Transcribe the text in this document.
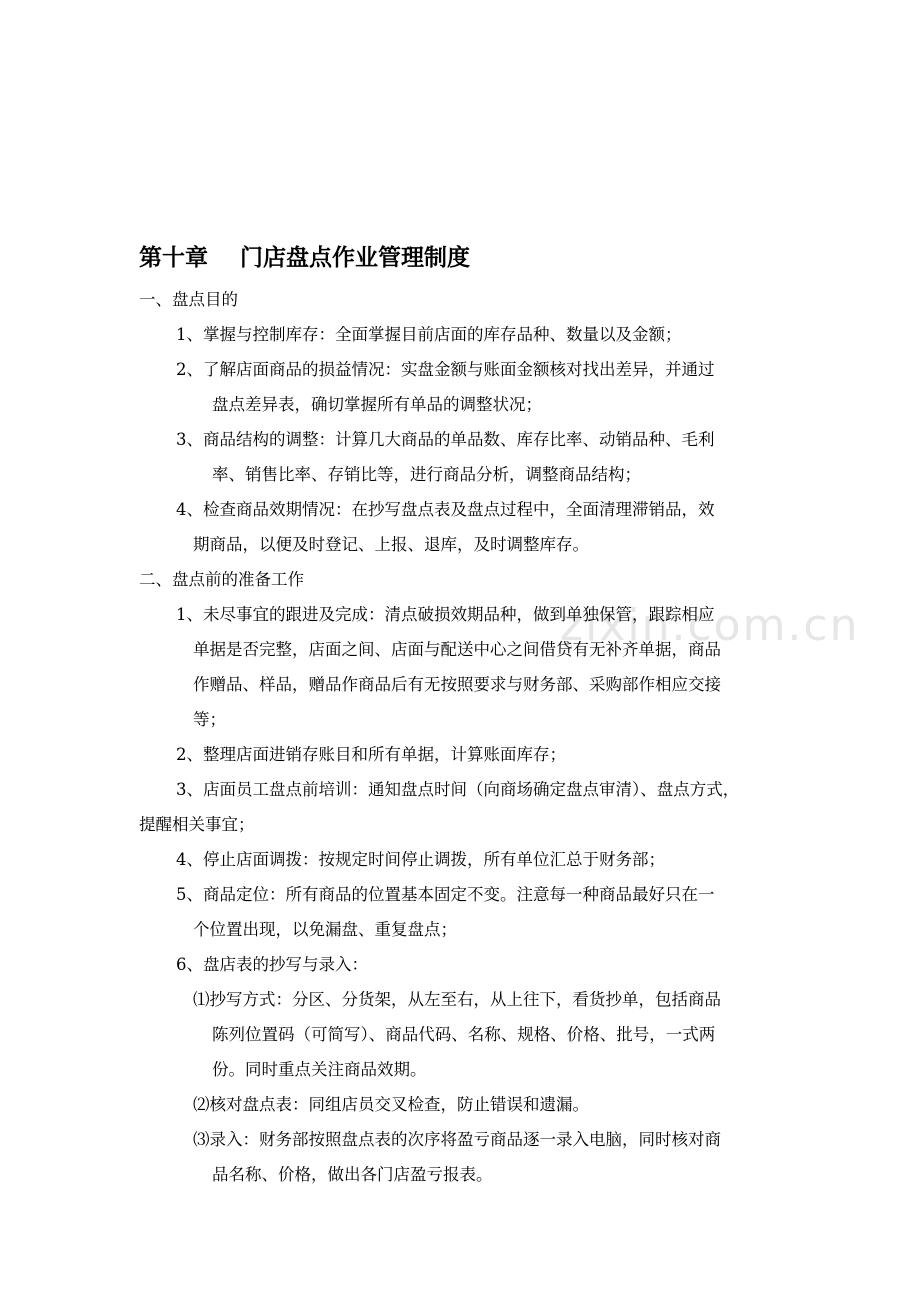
zixin.com.cn
第十章    门店盘点作业管理制度

一、盘点目的

1、掌握与控制库存：全面掌握目前店面的库存品种、数量以及金额；

2、了解店面商品的损益情况：实盘金额与账面金额核对找出差异，并通过

盘点差异表，确切掌握所有单品的调整状况；

3、商品结构的调整：计算几大商品的单品数、库存比率、动销品种、毛利

率、销售比率、存销比等，进行商品分析，调整商品结构；

4、检查商品效期情况：在抄写盘点表及盘点过程中，全面清理滞销品，效

期商品，以便及时登记、上报、退库，及时调整库存。

二、盘点前的准备工作

1、未尽事宜的跟进及完成：清点破损效期品种，做到单独保管，跟踪相应

单据是否完整，店面之间、店面与配送中心之间借贷有无补齐单据，商品

作赠品、样品，赠品作商品后有无按照要求与财务部、采购部作相应交接

等；

2、整理店面进销存账目和所有单据，计算账面库存；

3、店面员工盘点前培训：通知盘点时间（向商场确定盘点审清）、盘点方式，

提醒相关事宜；

4、停止店面调拨：按规定时间停止调拨，所有单位汇总于财务部；

5、商品定位：所有商品的位置基本固定不变。注意每一种商品最好只在一

个位置出现，以免漏盘、重复盘点；

6、盘店表的抄写与录入：

⑴抄写方式：分区、分货架，从左至右，从上往下，看货抄单，包括商品

陈列位置码（可简写）、商品代码、名称、规格、价格、批号，一式两

份。同时重点关注商品效期。

⑵核对盘点表：同组店员交叉检查，防止错误和遗漏。

⑶录入：财务部按照盘点表的次序将盈亏商品逐一录入电脑，同时核对商

品名称、价格，做出各门店盈亏报表。
